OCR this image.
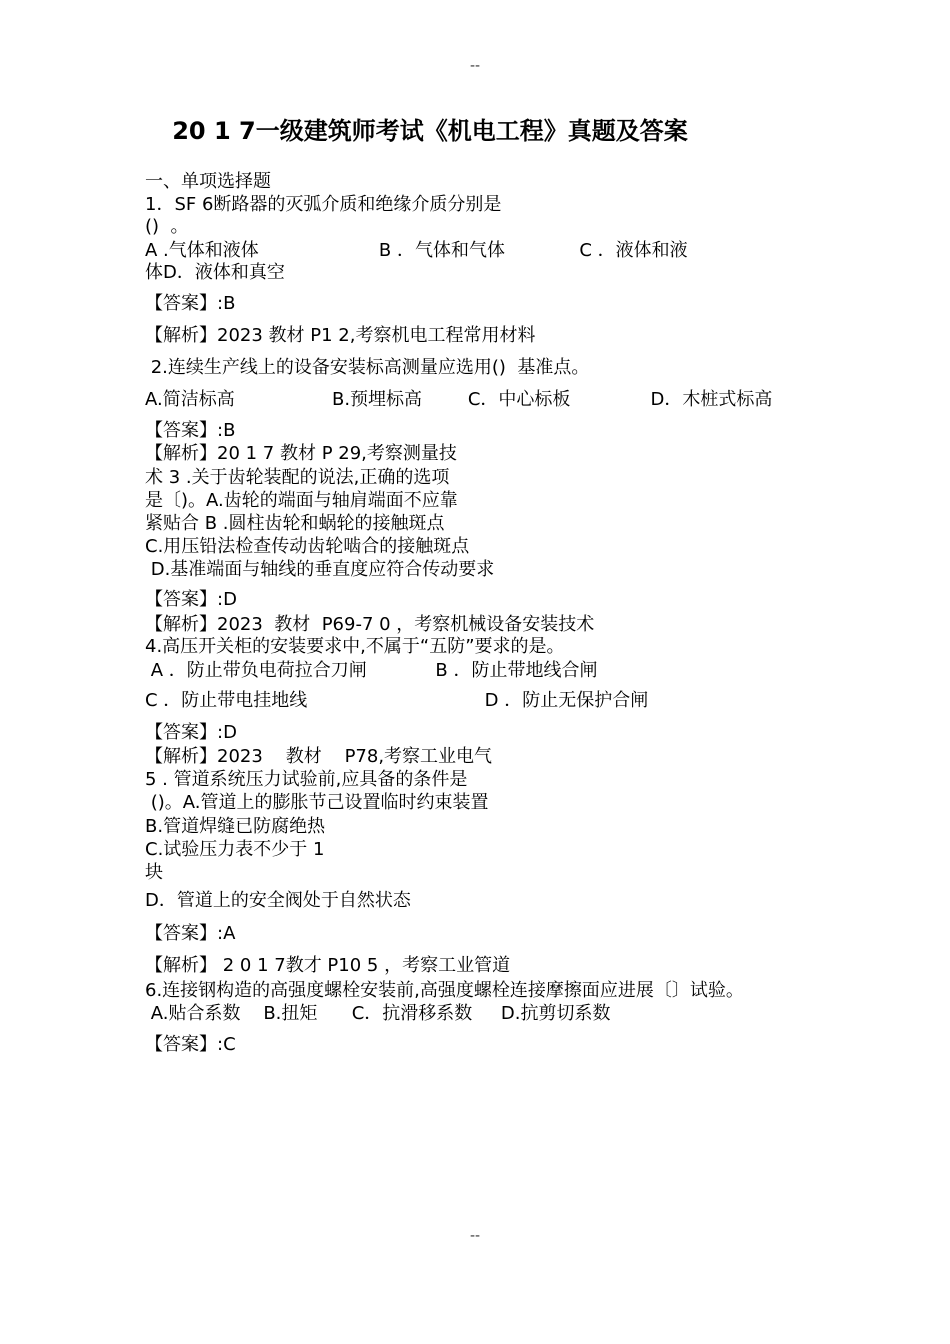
--
20 1 7一级建筑师考试《机电工程》真题及答案
一、单项选择题
1．SF 6断路器的灭弧介质和绝缘介质分别是
()  。
A .气体和液体                     B ．气体和气体             C ．液体和液
体D．液体和真空
【答案】:B
【解析】2023 教材 P1 2,考察机电工程常用材料
2.连续生产线上的设备安装标高测量应选用()  基准点。
A.简洁标高                 B.预埋标高        C．中心标板              D．木桩式标高
【答案】:B
【解析】20 1 7 教材 P 29,考察测量技
术 3 .关于齿轮装配的说法,正确的选项
是〔)。A.齿轮的端面与轴肩端面不应靠
紧贴合 B .圆柱齿轮和蜗轮的接触斑点
C.用压铅法检查传动齿轮啮合的接触斑点
D.基准端面与轴线的垂直度应符合传动要求
【答案】:D
【解析】2023  教材  P69-7 0 ，考察机械设备安装技术
4.高压开关柜的安装要求中,不属于“五防”要求的是。
A ．防止带负电荷拉合刀闸            B ．防止带地线合闸
C ．防止带电挂地线                               D ．防止无保护合闸
【答案】:D
【解析】2023    教材    P78,考察工业电气
5 . 管道系统压力试验前,应具备的条件是
()。A.管道上的膨胀节己设置临时约束装置
B.管道焊缝已防腐绝热
C.试验压力表不少于 1
块
D．管道上的安全阀处于自然状态
【答案】:A
【解析】 2 0 1 7教才 P10 5 ，考察工业管道
6.连接钢构造的高强度螺栓安装前,高强度螺栓连接摩擦面应进展〔〕试验。
A.贴合系数    B.扭矩      C．抗滑移系数     D.抗剪切系数
【答案】:C
--
